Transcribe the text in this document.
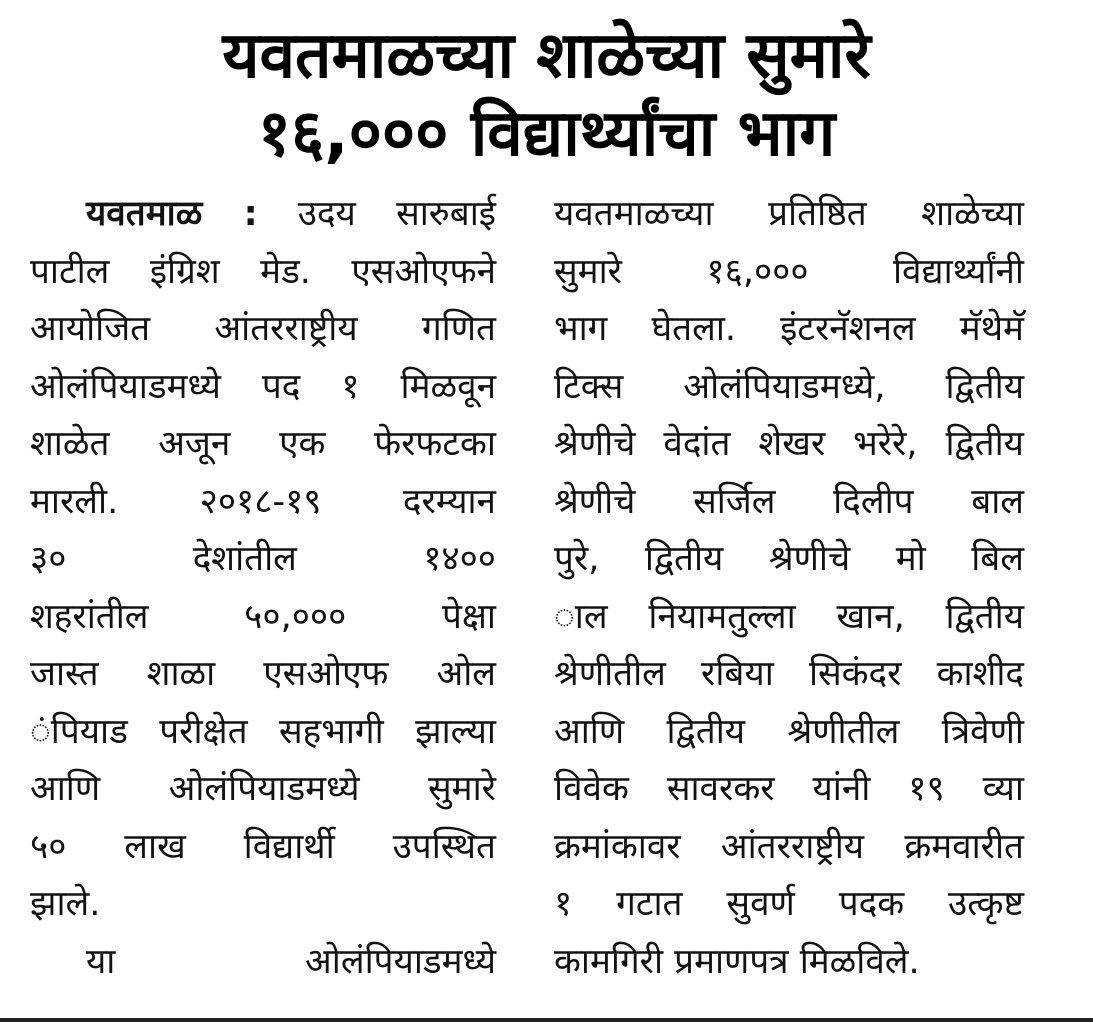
यवतमाळच्या शाळेच्या सुमारे
१६,००० विद्यार्थ्यांचा भाग
यवतमाळ : उदय सारुबाई
पाटील इंग्रिश मेड. एसओएफने
आयोजित आंतरराष्ट्रीय गणित
ओलंपियाडमध्ये पद १ मिळवून
शाळेत अजून एक फेरफटका
मारली. २०१८-१९ दरम्यान
३० देशांतील १४००
शहरांतील ५०,००० पेक्षा
जास्त शाळा एसओएफ ओल
ंपियाड परीक्षेत सहभागी झाल्या
आणि ओलंपियाडमध्ये सुमारे
५० लाख विद्यार्थी उपस्थित
झाले.
या ओलंपियाडमध्ये
यवतमाळच्या प्रतिष्ठित शाळेच्या
सुमारे १६,००० विद्यार्थ्यांनी
भाग घेतला. इंटरनॅशनल मॅथेमॅ
टिक्स ओलंपियाडमध्ये, द्वितीय
श्रेणीचे वेदांत शेखर भरेरे, द्वितीय
श्रेणीचे सर्जिल दिलीप बाल
पुरे, द्वितीय श्रेणीचे मो बिल
ाल नियामतुल्ला खान, द्वितीय
श्रेणीतील रबिया सिकंदर काशीद
आणि द्वितीय श्रेणीतील त्रिवेणी
विवेक सावरकर यांनी १९ व्या
क्रमांकावर आंतरराष्ट्रीय क्रमवारीत
१ गटात सुवर्ण पदक उत्कृष्ट
कामगिरी प्रमाणपत्र मिळविले.
